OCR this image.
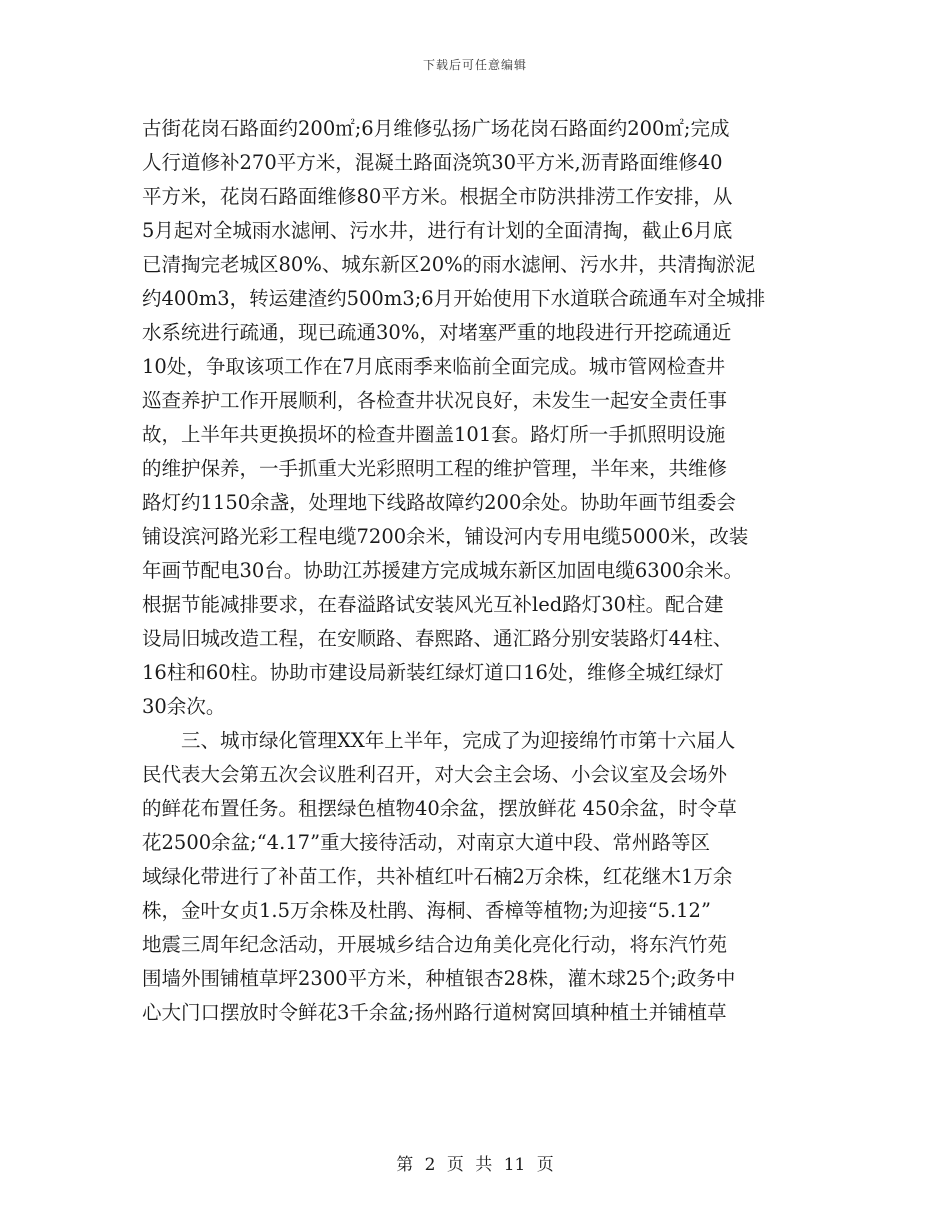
下载后可任意编辑
古街花岗石路面约200㎡;6月维修弘扬广场花岗石路面约200㎡;完成
人行道修补270平方米，混凝土路面浇筑30平方米,沥青路面维修40
平方米，花岗石路面维修80平方米。根据全市防洪排涝工作安排，从
5月起对全城雨水滤闸、污水井，进行有计划的全面清掏，截止6月底
已清掏完老城区80%、城东新区20%的雨水滤闸、污水井，共清掏淤泥
约400m3，转运建渣约500m3;6月开始使用下水道联合疏通车对全城排
水系统进行疏通，现已疏通30%，对堵塞严重的地段进行开挖疏通近
10处，争取该项工作在7月底雨季来临前全面完成。城市管网检查井
巡查养护工作开展顺利，各检查井状况良好，未发生一起安全责任事
故，上半年共更换损坏的检查井圈盖101套。路灯所一手抓照明设施
的维护保养，一手抓重大光彩照明工程的维护管理，半年来，共维修
路灯约1150余盏，处理地下线路故障约200余处。协助年画节组委会
铺设滨河路光彩工程电缆7200余米，铺设河内专用电缆5000米，改装
年画节配电30台。协助江苏援建方完成城东新区加固电缆6300余米。
根据节能减排要求，在春溢路试安装风光互补led路灯30柱。配合建
设局旧城改造工程，在安顺路、春熙路、通汇路分别安装路灯44柱、
16柱和60柱。协助市建设局新装红绿灯道口16处，维修全城红绿灯
30余次。
三、城市绿化管理XX年上半年，完成了为迎接绵竹市第十六届人
民代表大会第五次会议胜利召开，对大会主会场、小会议室及会场外
的鲜花布置任务。租摆绿色植物40余盆，摆放鲜花 450余盆，时令草
花2500余盆;“4.17”重大接待活动，对南京大道中段、常州路等区
域绿化带进行了补苗工作，共补植红叶石楠2万余株，红花继木1万余
株，金叶女贞1.5万余株及杜鹃、海桐、香樟等植物;为迎接“5.12”
地震三周年纪念活动，开展城乡结合边角美化亮化行动，将东汽竹苑
围墙外围铺植草坪2300平方米，种植银杏28株，灌木球25个;政务中
心大门口摆放时令鲜花3千余盆;扬州路行道树窝回填种植土并铺植草
第 2 页 共 11 页
